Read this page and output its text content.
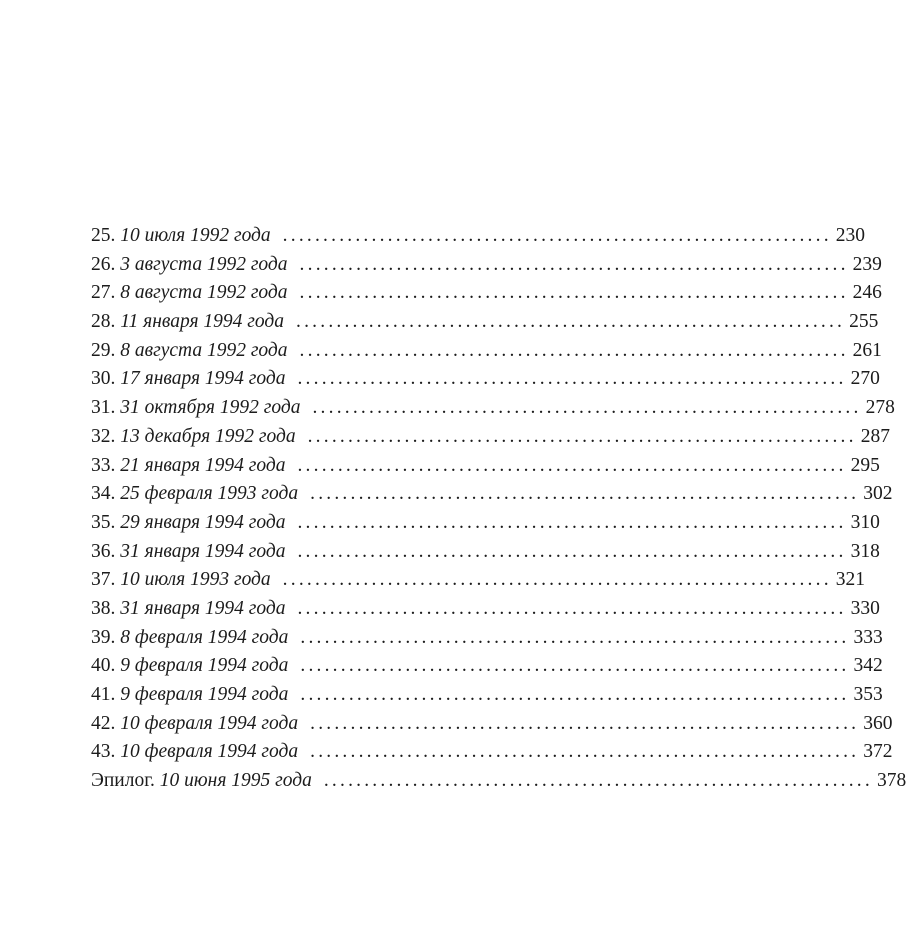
25. 10 июля 1992 года .................................................................... 230
26. 3 августа 1992 года .................................................................... 239
27. 8 августа 1992 года .................................................................... 246
28. 11 января 1994 года .................................................................... 255
29. 8 августа 1992 года .................................................................... 261
30. 17 января 1994 года .................................................................... 270
31. 31 октября 1992 года .................................................................... 278
32. 13 декабря 1992 года .................................................................... 287
33. 21 января 1994 года .................................................................... 295
34. 25 февраля 1993 года .................................................................... 302
35. 29 января 1994 года .................................................................... 310
36. 31 января 1994 года .................................................................... 318
37. 10 июля 1993 года .................................................................... 321
38. 31 января 1994 года .................................................................... 330
39. 8 февраля 1994 года .................................................................... 333
40. 9 февраля 1994 года .................................................................... 342
41. 9 февраля 1994 года .................................................................... 353
42. 10 февраля 1994 года .................................................................... 360
43. 10 февраля 1994 года .................................................................... 372
Эпилог. 10 июня 1995 года .................................................................... 378
